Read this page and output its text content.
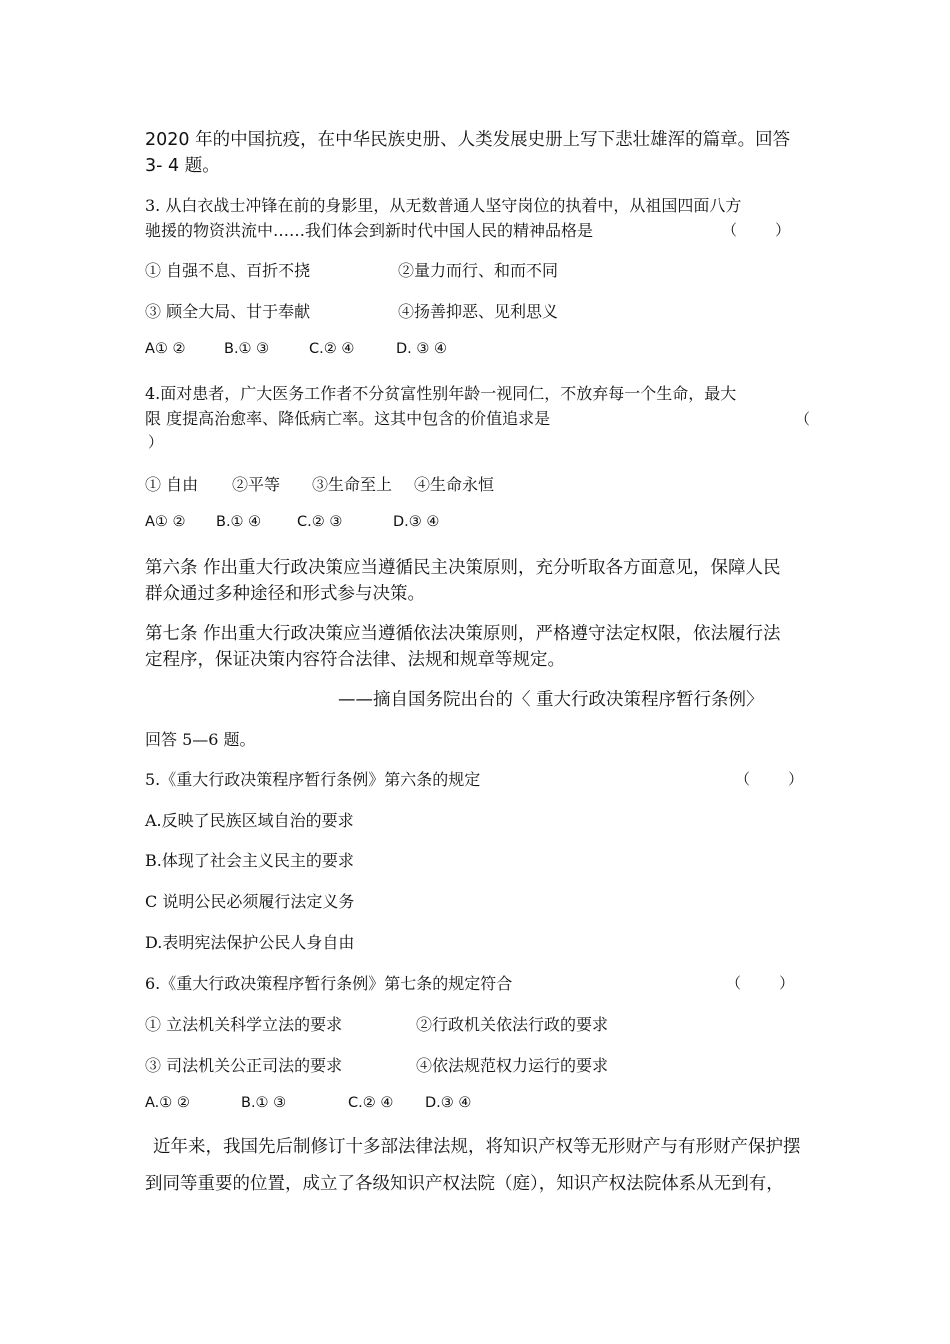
2020 年的中国抗疫，在中华民族史册、人类发展史册上写下悲壮雄浑的篇章。回答
3- 4 题。
3. 从白衣战士冲锋在前的身影里，从无数普通人坚守岗位的执着中，从祖国四面八方
驰援的物资洪流中……我们体会到新时代中国人民的精神品格是	（        ）
① 自强不息、百折不挠	②量力而行、和而不同
③ 顾全大局、甘于奉献	④扬善抑恶、见利思义
A① ②	B.① ③	C.② ④	D. ③ ④
4.面对患者，广大医务工作者不分贫富性别年龄一视同仁，不放弃每一个生命，最大
限 度提高治愈率、降低病亡率。这其中包含的价值追求是	（
）
① 自由 ②平等 ③生命至上 ④生命永恒
A① ② B.① ④ C.② ③	D.③ ④
第六条 作出重大行政决策应当遵循民主决策原则，充分听取各方面意见，保障人民
群众通过多种途径和形式参与决策。
第七条 作出重大行政决策应当遵循依法决策原则，严格遵守法定权限，依法履行法
定程序，保证决策内容符合法律、法规和规章等规定。
——摘自国务院出台的〈 重大行政决策程序暂行条例〉
回答 5—6 题。
5.《重大行政决策程序暂行条例》第六条的规定	（        ）
A.反映了民族区域自治的要求
B.体现了社会主义民主的要求
C 说明公民必须履行法定义务
D.表明宪法保护公民人身自由
6.《重大行政决策程序暂行条例》第七条的规定符合	（        ）
① 立法机关科学立法的要求	②行政机关依法行政的要求
③ 司法机关公正司法的要求	④依法规范权力运行的要求
A.① ②	B.① ③	C.② ④ D.③ ④
近年来，我国先后制修订十多部法律法规，将知识产权等无形财产与有形财产保护摆
到同等重要的位置，成立了各级知识产权法院（庭），知识产权法院体系从无到有，
